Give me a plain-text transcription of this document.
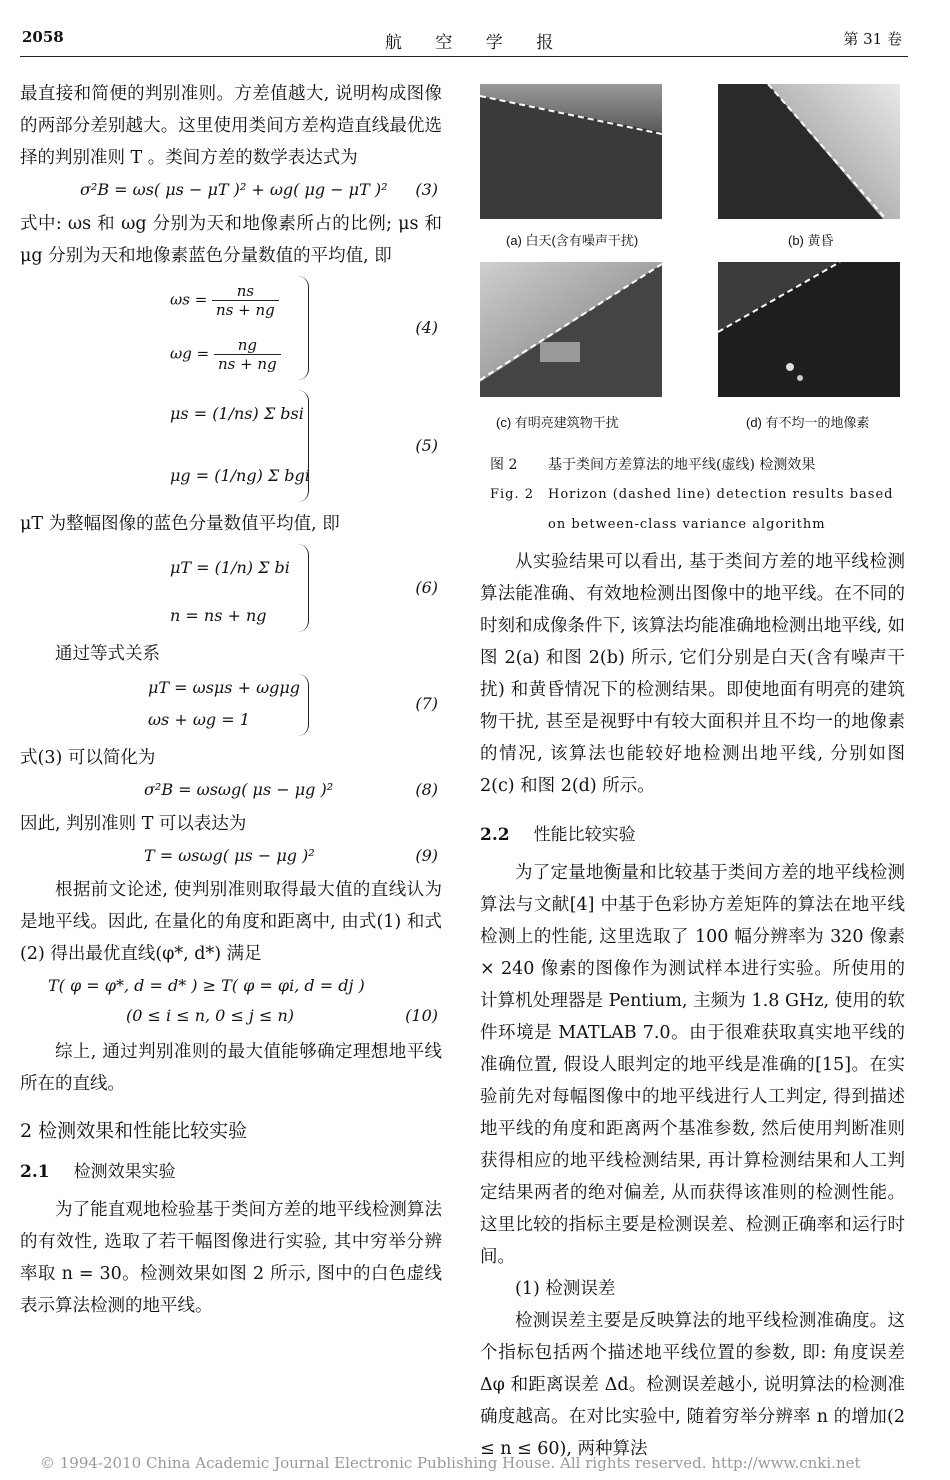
2058	航 空 学 报	第 31 卷

最直接和简便的判别准则。方差值越大, 说明构成图像的两部分差别越大。这里使用类间方差构造直线最优选择的判别准则 T 。类间方差的数学表达式为

σ²B = ωs( μs − μT )² + ωg( μg − μT )² (3)

式中: ωs 和 ωg 分别为天和地像素所占的比例; μs 和 μg 分别为天和地像素蓝色分量数值的平均值, 即

$\omega s = \frac{ns}{ns + ng}$
$\omega g = \frac{ng}{ns + ng}$
(4)
μs = (1/ns) Σ bsi
μg = (1/ng) Σ bgi
(5)

μT 为整幅图像的蓝色分量数值平均值, 即

μT = (1/n) Σ bi
n = ns + ng
(6)

通过等式关系

μT = ωsμs + ωgμg
ωs + ωg = 1
(7)

式(3) 可以简化为

σ²B = ωsωg( μs − μg )²	(8)

因此, 判别准则 T 可以表达为

T = ωsωg( μs − μg )²	(9)

根据前文论述, 使判别准则取得最大值的直线认为是地平线。因此, 在量化的角度和距离中, 由式(1) 和式(2) 得出最优直线(φ*, d*) 满足

T( φ = φ*, d = d* ) ≥ T( φ = φi, d = dj )
(0 ≤ i ≤ n, 0 ≤ j ≤ n)	(10)

综上, 通过判别准则的最大值能够确定理想地平线所在的直线。

2 检测效果和性能比较实验
2.1 检测效果实验

为了能直观地检验基于类间方差的地平线检测算法的有效性, 选取了若干幅图像进行实验, 其中穷举分辨率取 n = 30。检测效果如图 2 所示, 图中的白色虚线表示算法检测的地平线。

(a) 白天(含有噪声干扰)	(b) 黄昏
(c) 有明亮建筑物干扰	(d) 有不均一的地像素
图 2 基于类间方差算法的地平线(虚线) 检测效果
Fig. 2 Horizon (dashed line) detection results based
on between-class variance algorithm

从实验结果可以看出, 基于类间方差的地平线检测算法能准确、有效地检测出图像中的地平线。在不同的时刻和成像条件下, 该算法均能准确地检测出地平线, 如图 2(a) 和图 2(b) 所示, 它们分别是白天(含有噪声干扰) 和黄昏情况下的检测结果。即使地面有明亮的建筑物干扰, 甚至是视野中有较大面积并且不均一的地像素的情况, 该算法也能较好地检测出地平线, 分别如图 2(c) 和图 2(d) 所示。

2.2 性能比较实验

为了定量地衡量和比较基于类间方差的地平线检测算法与文献[4] 中基于色彩协方差矩阵的算法在地平线检测上的性能, 这里选取了 100 幅分辨率为 320 像素 × 240 像素的图像作为测试样本进行实验。所使用的计算机处理器是 Pentium, 主频为 1.8 GHz, 使用的软件环境是 MATLAB 7.0。由于很难获取真实地平线的准确位置, 假设人眼判定的地平线是准确的[15]。在实验前先对每幅图像中的地平线进行人工判定, 得到描述地平线的角度和距离两个基准参数, 然后使用判断准则获得相应的地平线检测结果, 再计算检测结果和人工判定结果两者的绝对偏差, 从而获得该准则的检测性能。这里比较的指标主要是检测误差、检测正确率和运行时间。

(1) 检测误差

检测误差主要是反映算法的地平线检测准确度。这个指标包括两个描述地平线位置的参数, 即: 角度误差 Δφ 和距离误差 Δd。检测误差越小, 说明算法的检测准确度越高。在对比实验中, 随着穷举分辨率 n 的增加(2 ≤ n ≤ 60), 两种算法

© 1994-2010 China Academic Journal Electronic Publishing House. All rights reserved. http://www.cnki.net
